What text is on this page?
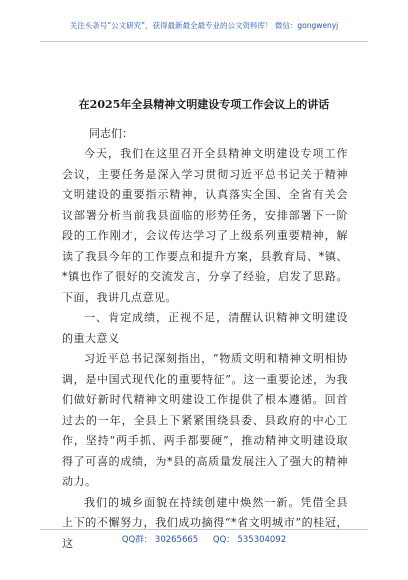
关注头条号“公文研究”，获得最新最全最专业的公文资料库！ 微信：gongwenyj
在2025年全县精神文明建设专项工作会议上的讲话
同志们：

今天，我们在这里召开全县精神文明建设专项工作会议，主要任务是深入学习贯彻习近平总书记关于精神文明建设的重要指示精神，认真落实全国、全省有关会议部署分析当前我县面临的形势任务，安排部署下一阶段的工作刚才，会议传达学习了上级系列重要精神，解读了我县今年的工作要点和提升方案，县教育局、*镇、*镇也作了很好的交流发言，分享了经验，启发了思路。下面，我讲几点意见。

一、肯定成绩，正视不足，清醒认识精神文明建设的重大意义

习近平总书记深刻指出，“物质文明和精神文明相协调，是中国式现代化的重要特征”。这一重要论述，为我们做好新时代精神文明建设工作提供了根本遵循。回首过去的一年，全县上下紧紧围绕县委、县政府的中心工作，坚持“两手抓、两手都要硬”，推动精神文明建设取得了可喜的成绩，为*县的高质量发展注入了强大的精神动力。

我们的城乡面貌在持续创建中焕然一新。凭借全县上下的不懈努力，我们成功摘得“*省文明城市”的桂冠，这	QQ群： 30265665 QQ： 535304092
